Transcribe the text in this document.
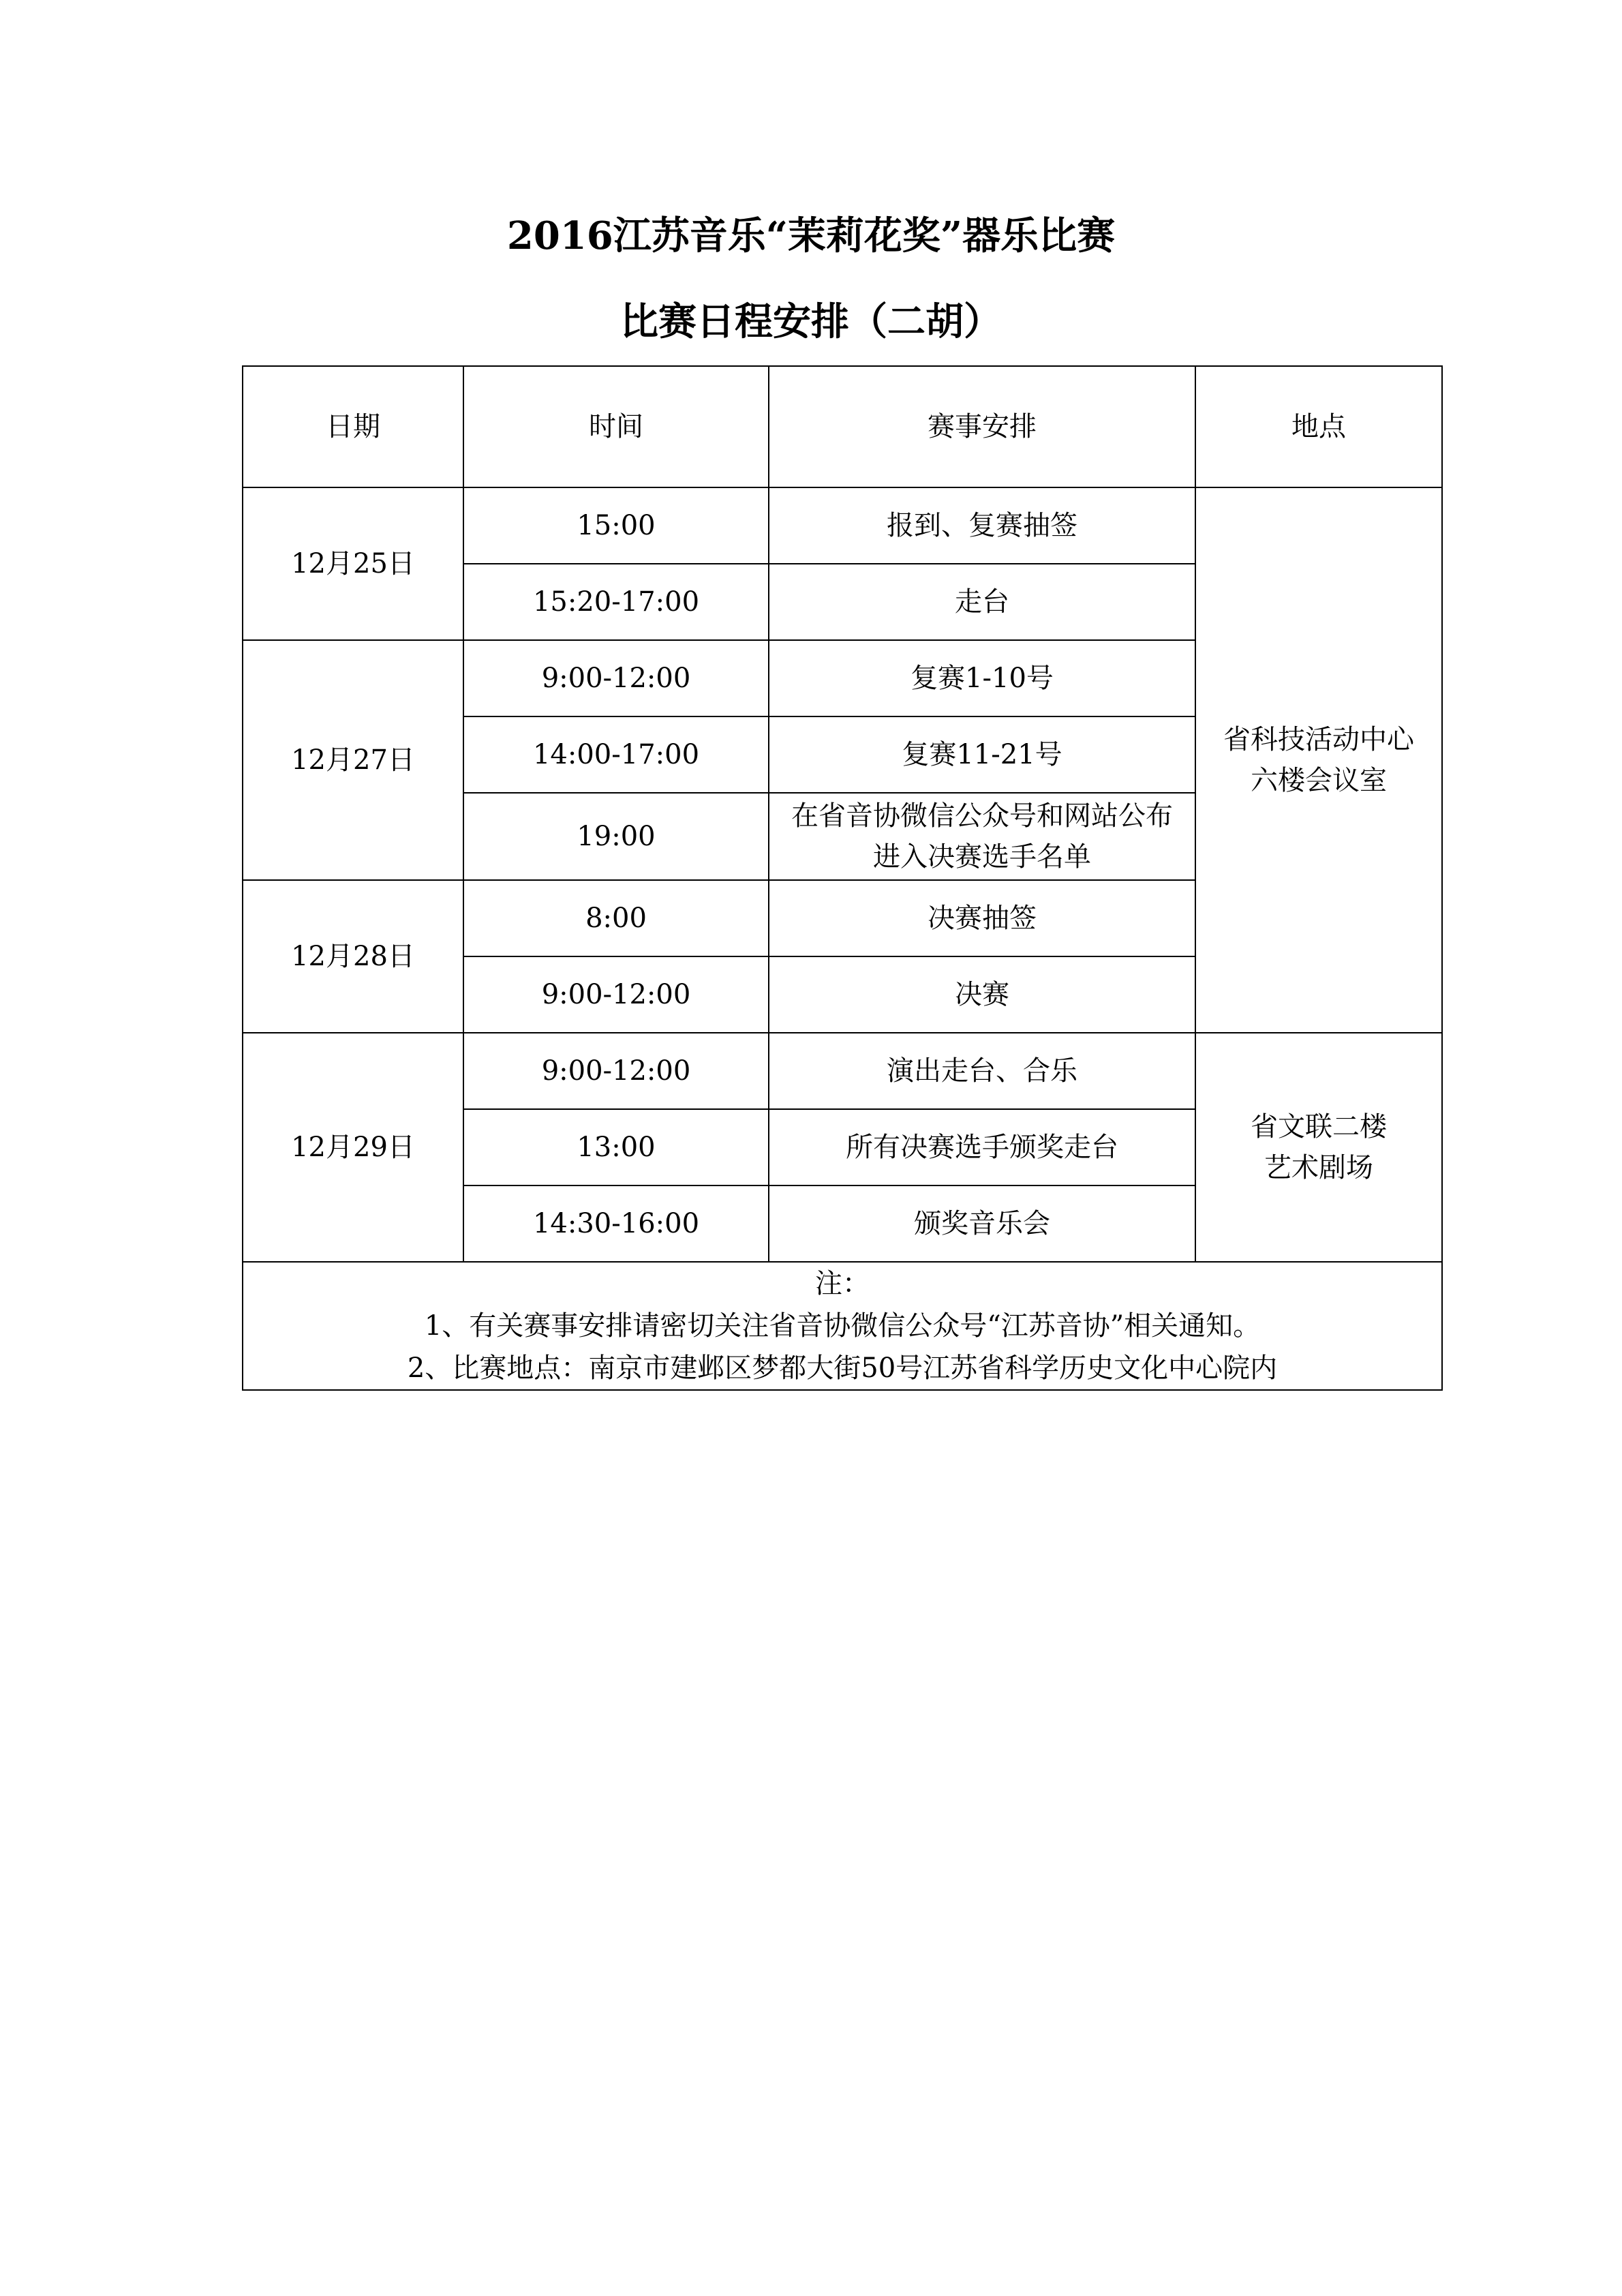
2016江苏音乐“茉莉花奖”器乐比赛
比赛日程安排（二胡）
日期	时间	赛事安排	地点
12月25日	15:00	报到、复赛抽签	省科技活动中心
六楼会议室

	15:20-17:00	走台	
12月27日	9:00-12:00	复赛1-10号	
	14:00-17:00	复赛11-21号	
	19:00	在省音协微信公众号和网站公布进入决赛选手名单	
12月28日	8:00	决赛抽签	
	9:00-12:00	决赛	
12月29日	9:00-12:00	演出走台、合乐	省文联二楼
艺术剧场

	13:00	所有决赛选手颁奖走台	
	14:30-16:00	颁奖音乐会	

注：
1、有关赛事安排请密切关注省音协微信公众号“江苏音协”相关通知。
2、比赛地点：南京市建邺区梦都大街50号江苏省科学历史文化中心院内			
